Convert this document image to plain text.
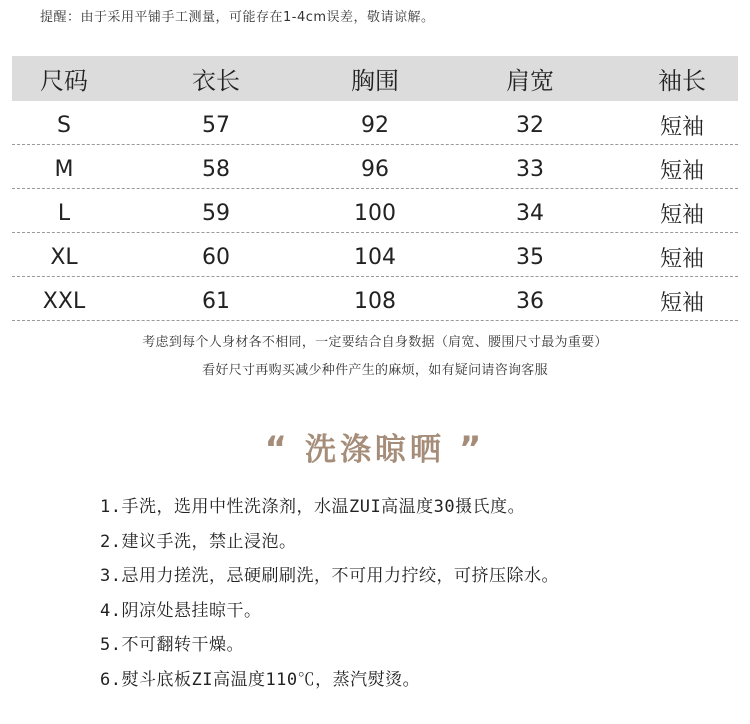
提醒：由于采用平铺手工测量，可能存在1-4cm误差，敬请谅解。
尺码	衣长	胸围	肩宽	袖长
S	57	92	32	短袖
M	58	96	33	短袖
L	59	100	34	短袖
XL	60	104	35	短袖
XXL	61	108	36	短袖
考虑到每个人身材各不相同，一定要结合自身数据（肩宽、腰围尺寸最为重要）
看好尺寸再购买减少种件产生的麻烦，如有疑问请咨询客服
“ 洗涤晾晒 ”
1.手洗，选用中性洗涤剂，水温ZUI高温度30摄氏度。
2.建议手洗，禁止浸泡。
3.忌用力搓洗，忌硬刷刷洗，不可用力拧绞，可挤压除水。
4.阴凉处悬挂晾干。
5.不可翻转干燥。
6.熨斗底板ZI高温度110℃，蒸汽熨烫。
